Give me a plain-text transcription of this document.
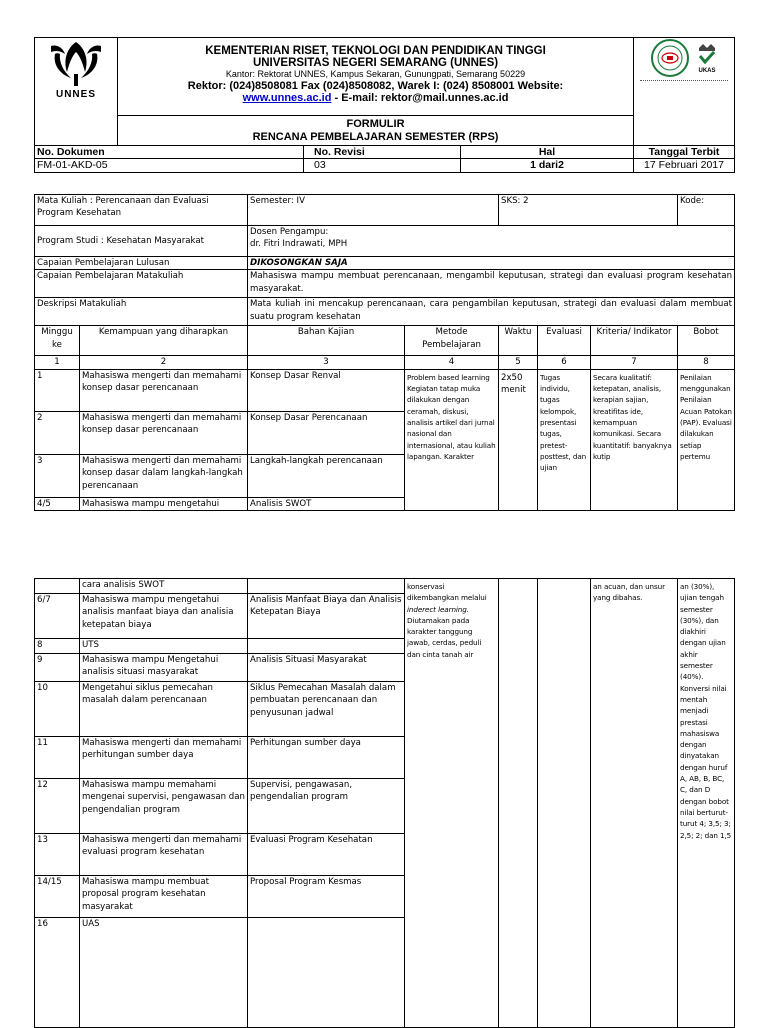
UNNES	KEMENTERIAN RISET, TEKNOLOGI DAN PENDIDIKAN TINGGI
UNIVERSITAS NEGERI SEMARANG (UNNES)
Kantor: Rektorat UNNES, Kampus Sekaran, Gunungpati, Semarang 50229
Rektor: (024)8508081 Fax (024)8508082, Warek I: (024) 8508001 Website:
www.unnes.ac.id - E-mail: rektor@mail.unnes.ac.id			UKAS

	FORMULIR
RENCANA PEMBELAJARAN SEMESTER (RPS)			

No. Dokumen		No. Revisi	Hal	Tanggal Terbit
FM-01-AKD-05		03	1 dari2	17 Februari 2017
Mata Kuliah : Perencanaan dan Evaluasi Program Kesehatan		Semester: IV		SKS: 2			Kode:
Program Studi : Kesehatan Masyarakat		Dosen Pengampu:
dr. Fitri Indrawati, MPH					

Capaian Pembelajaran Lulusan		DIKOSONGKAN SAJA					
Capaian Pembelajaran Matakuliah		Mahasiswa mampu membuat perencanaan, mengambil keputusan, strategi dan evaluasi program kesehatan masyarakat.					
Deskripsi Matakuliah		Mata kuliah ini mencakup perencanaan, cara pengambilan keputusan, strategi dan evaluasi dalam membuat suatu program kesehatan					
Minggu ke	Kemampuan yang diharapkan	Bahan Kajian	Metode Pembelajaran	Waktu	Evaluasi	Kriteria/ Indikator	Bobot
1	2	3	4	5	6	7	8
1	Mahasiswa mengerti dan memahami konsep dasar perencanaan	Konsep Dasar Renval	Problem based learning Kegiatan tatap muka dilakukan dengan ceramah, diskusi, analisis artikel dari jurnal nasional dan internasional, atau kuliah lapangan. Karakter	2x50 menit	Tugas individu, tugas kelompok, presentasi tugas, pretest-posttest, dan ujian	Secara kualitatif: ketepatan, analisis, kerapian sajian, kreatifitas ide, kemampuan komunikasi. Secara kuantitatif: banyaknya kutip	Penilaian menggunakan Penilaian Acuan Patokan (PAP). Evaluasi dilakukan setiap pertemu
2	Mahasiswa mengerti dan memahami konsep dasar perencanaan	Konsep Dasar Perencanaan					
3	Mahasiswa mengerti dan memahami konsep dasar dalam langkah-langkah perencanaan	Langkah-langkah perencanaan					
4/5	Mahasiswa mampu mengetahui	Analisis SWOT					
	cara analisis SWOT		konservasi dikembangkan melalui inderect learning. Diutamakan pada karakter tanggung jawab, cerdas, peduli dan cinta tanah air			an acuan, dan unsur yang dibahas.	an (30%), ujian tengah semester (30%), dan diakhiri dengan ujian akhir semester (40%). Konversi nilai mentah menjadi prestasi mahasiswa dengan dinyatakan dengan huruf A, AB, B, BC, C, dan D dengan bobot nilai berturut-turut 4; 3,5; 3; 2,5; 2; dan 1,5
6/7	Mahasiswa mampu mengetahui analisis manfaat biaya dan analisia ketepatan biaya	Analisis Manfaat Biaya dan Analisis Ketepatan Biaya					
8	UTS						
9	Mahasiswa mampu Mengetahui analisis situasi masyarakat	Analisis Situasi Masyarakat					
10	Mengetahui siklus pemecahan masalah dalam perencanaan	Siklus Pemecahan Masalah dalam pembuatan perencanaan dan penyusunan jadwal					
11	Mahasiswa mengerti dan memahami perhitungan sumber daya	Perhitungan sumber daya					
12	Mahasiswa mampu memahami mengenai supervisi, pengawasan dan pengendalian program	Supervisi, pengawasan, pengendalian program					
13	Mahasiswa mengerti dan memahami evaluasi program kesehatan	Evaluasi Program Kesehatan					
14/15	Mahasiswa mampu membuat proposal program kesehatan masyarakat	Proposal Program Kesmas					
16	UAS						
